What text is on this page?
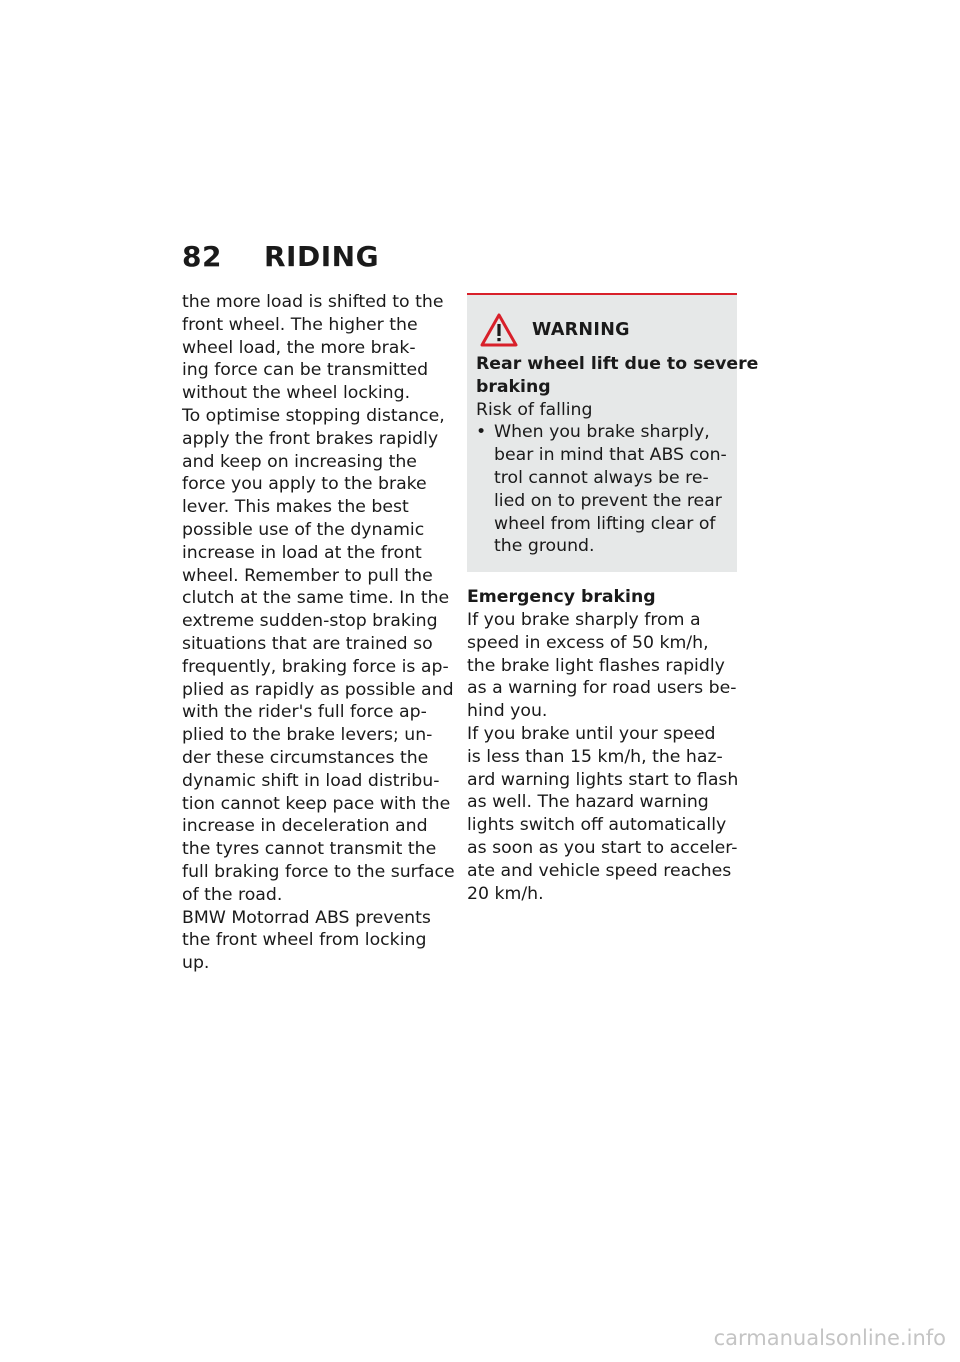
82 RIDING
the more load is shifted to the
front wheel. The higher the
wheel load, the more brak-
ing force can be transmitted
without the wheel locking.
To optimise stopping distance,
apply the front brakes rapidly
and keep on increasing the
force you apply to the brake
lever. This makes the best
possible use of the dynamic
increase in load at the front
wheel. Remember to pull the
clutch at the same time. In the
extreme sudden-stop braking
situations that are trained so
frequently, braking force is ap-
plied as rapidly as possible and
with the rider's full force ap-
plied to the brake levers; un-
der these circumstances the
dynamic shift in load distribu-
tion cannot keep pace with the
increase in deceleration and
the tyres cannot transmit the
full braking force to the surface
of the road.
BMW Motorrad ABS prevents
the front wheel from locking
up.
WARNING
Rear wheel lift due to severe
braking
Risk of falling
• When you brake sharply,
bear in mind that ABS con-
trol cannot always be re-
lied on to prevent the rear
wheel from lifting clear of
the ground.
Emergency braking
If you brake sharply from a
speed in excess of 50 km/h,
the brake light flashes rapidly
as a warning for road users be-
hind you.
If you brake until your speed
is less than 15 km/h, the haz-
ard warning lights start to flash
as well. The hazard warning
lights switch off automatically
as soon as you start to acceler-
ate and vehicle speed reaches
20 km/h.
carmanualsonline.info
